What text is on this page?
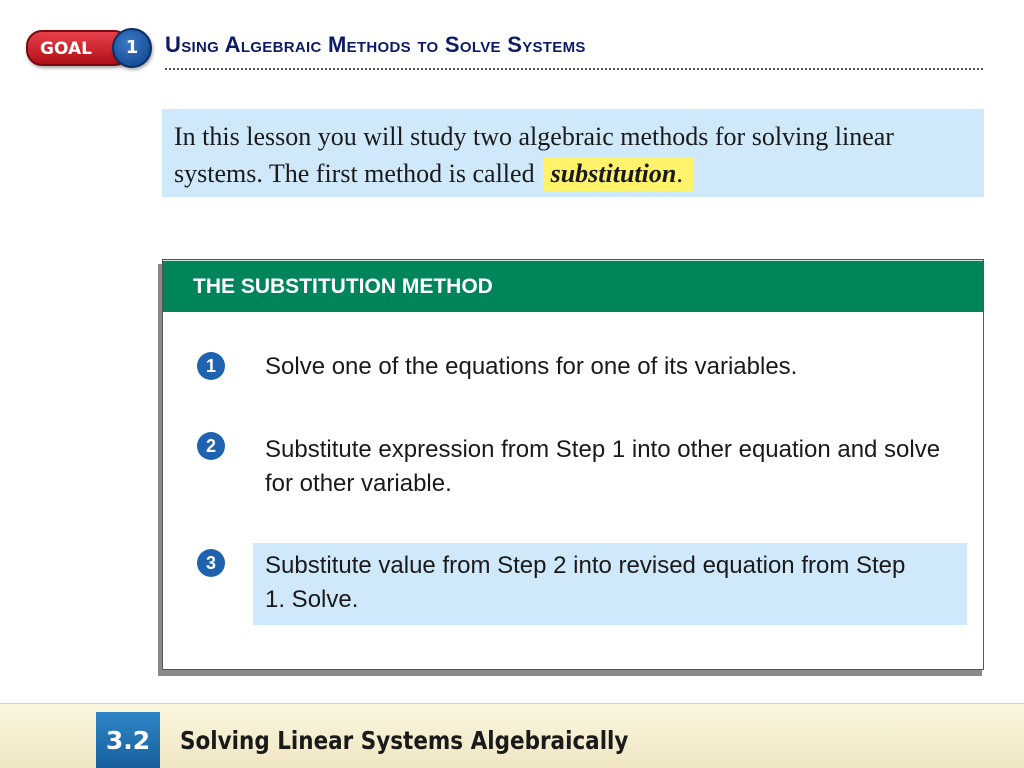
GOAL	1	Using Algebraic Methods to Solve Systems
In this lesson you will study two algebraic methods for solving linear systems. The first method is called substitution.
THE SUBSTITUTION METHOD
1	Solve one of the equations for one of its variables.
2	Substitute expression from Step 1 into other equation and solve for other variable.
3	Substitute value from Step 2 into revised equation from Step 1. Solve.
3.2	Solving Linear Systems Algebraically
